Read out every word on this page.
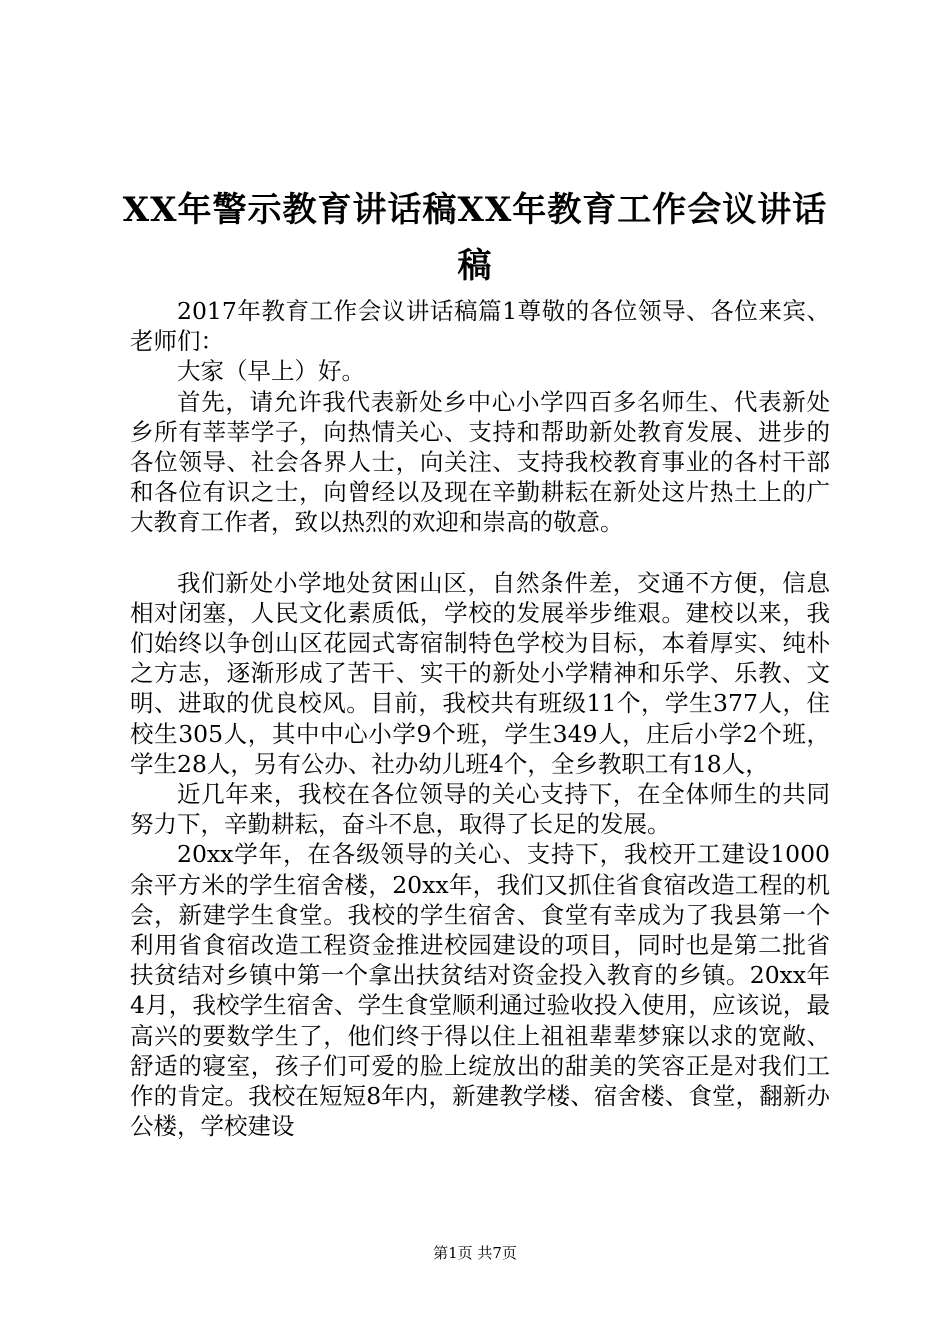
XX年警示教育讲话稿XX年教育工作会议讲话稿

2017年教育工作会议讲话稿篇1尊敬的各位领导、各位来宾、老师们：

大家（早上）好。

首先，请允许我代表新处乡中心小学四百多名师生、代表新处乡所有莘莘学子，向热情关心、支持和帮助新处教育发展、进步的各位领导、社会各界人士，向关注、支持我校教育事业的各村干部和各位有识之士，向曾经以及现在辛勤耕耘在新处这片热土上的广大教育工作者，致以热烈的欢迎和崇高的敬意。

我们新处小学地处贫困山区，自然条件差，交通不方便，信息相对闭塞，人民文化素质低，学校的发展举步维艰。建校以来，我们始终以争创山区花园式寄宿制特色学校为目标，本着厚实、纯朴之方志，逐渐形成了苦干、实干的新处小学精神和乐学、乐教、文明、进取的优良校风。目前，我校共有班级11个，学生377人，住校生305人，其中中心小学9个班，学生349人，庄后小学2个班，学生28人，另有公办、社办幼儿班4个，全乡教职工有18人，

近几年来，我校在各位领导的关心支持下，在全体师生的共同努力下，辛勤耕耘，奋斗不息，取得了长足的发展。

20xx学年，在各级领导的关心、支持下，我校开工建设1000余平方米的学生宿舍楼，20xx年，我们又抓住省食宿改造工程的机会，新建学生食堂。我校的学生宿舍、食堂有幸成为了我县第一个利用省食宿改造工程资金推进校园建设的项目，同时也是第二批省扶贫结对乡镇中第一个拿出扶贫结对资金投入教育的乡镇。20xx年4月，我校学生宿舍、学生食堂顺利通过验收投入使用，应该说，最高兴的要数学生了，他们终于得以住上祖祖辈辈梦寐以求的宽敞、舒适的寝室，孩子们可爱的脸上绽放出的甜美的笑容正是对我们工作的肯定。我校在短短8年内，新建教学楼、宿舍楼、食堂，翻新办公楼，学校建设

第1页 共7页
